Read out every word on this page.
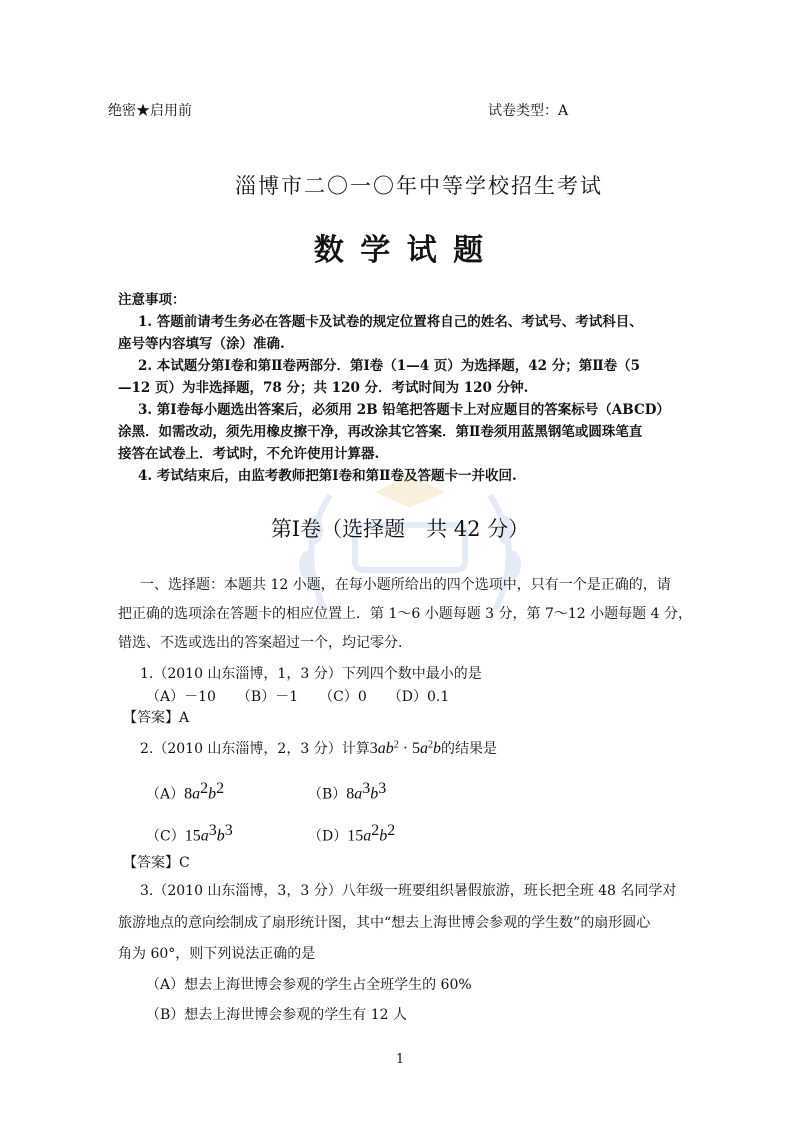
绝密★启用前	试卷类型：A
淄博市二〇一〇年中等学校招生考试
数 学 试 题
注意事项：
1. 答题前请考生务必在答题卡及试卷的规定位置将自己的姓名、考试号、考试科目、
座号等内容填写（涂）准确.
2. 本试题分第Ⅰ卷和第Ⅱ卷两部分．第Ⅰ卷（1—4 页）为选择题，42 分；第Ⅱ卷（5
—12 页）为非选择题，78 分；共 120 分．考试时间为 120 分钟.
3. 第Ⅰ卷每小题选出答案后，必须用 2B 铅笔把答题卡上对应题目的答案标号（ABCD）
涂黑．如需改动，须先用橡皮擦干净，再改涂其它答案．第Ⅱ卷须用蓝黑钢笔或圆珠笔直
接答在试卷上．考试时，不允许使用计算器.
4. 考试结束后，由监考教师把第Ⅰ卷和第Ⅱ卷及答题卡一并收回.
第Ⅰ卷（选择题　共 42 分）
一、选择题：本题共 12 小题，在每小题所给出的四个选项中，只有一个是正确的，请
把正确的选项涂在答题卡的相应位置上．第 1～6 小题每题 3 分，第 7～12 小题每题 4 分，
错选、不选或选出的答案超过一个，均记零分.
1.（2010 山东淄博，1，3 分）下列四个数中最小的是
（A）－10　　（B）－1　　（C）0　　（D）0.1
【答案】A
2.（2010 山东淄博，2，3 分）计算$3ab^2 \cdot 5a^2b$的结果是
$(A)8a^2b^2$	$(B)8a^3b^3$
$(C)15a^3b^3$	$(D)15a^2b^2$
【答案】C
3.（2010 山东淄博，3，3 分）八年级一班要组织暑假旅游，班长把全班 48 名同学对
旅游地点的意向绘制成了扇形统计图，其中“想去上海世博会参观的学生数”的扇形圆心
角为 60°，则下列说法正确的是
（A）想去上海世博会参观的学生占全班学生的 60%
（B）想去上海世博会参观的学生有 12 人
1
